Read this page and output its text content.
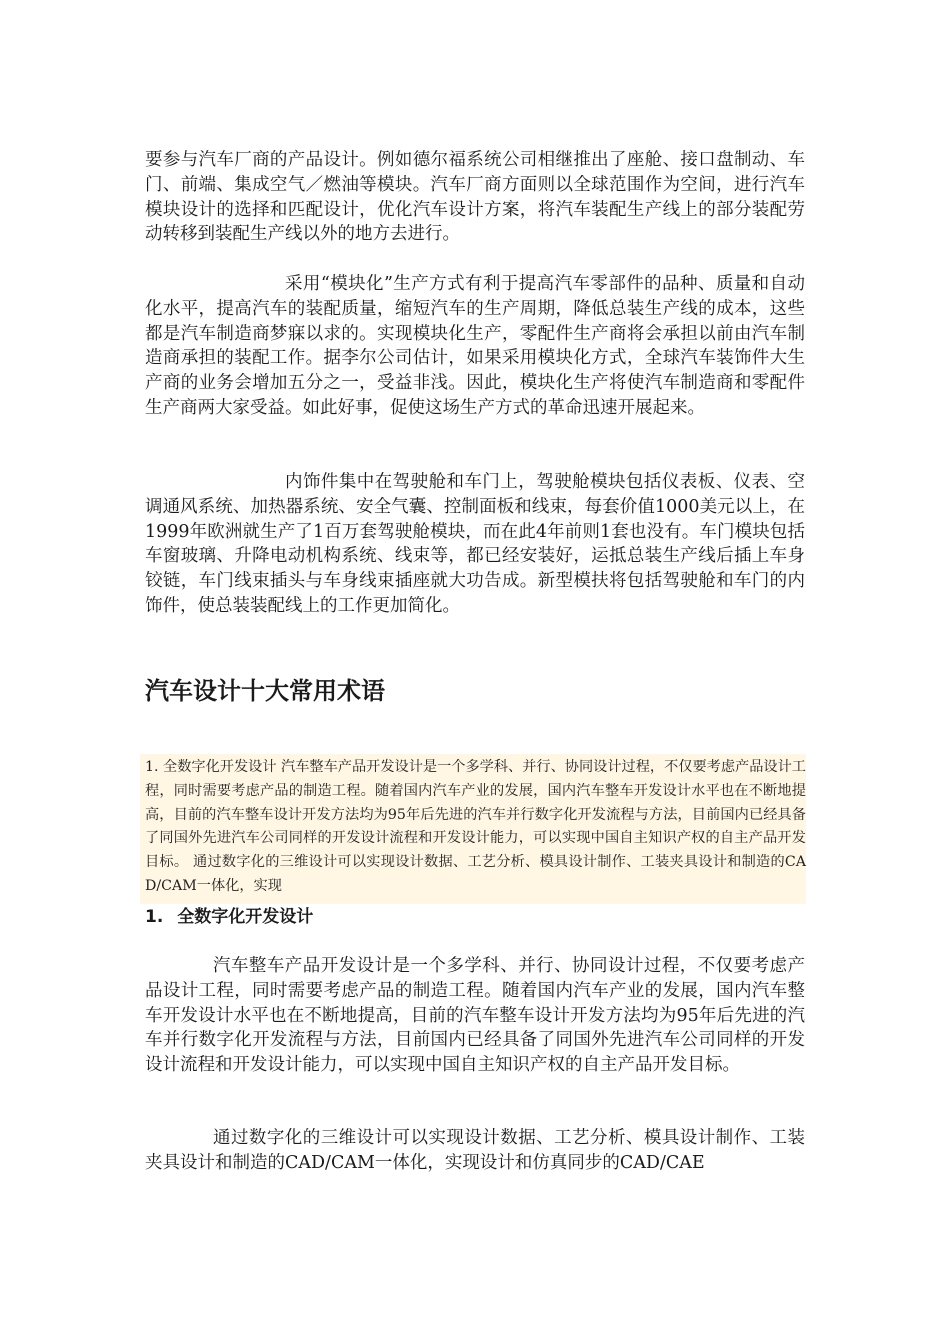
要参与汽车厂商的产品设计。例如德尔福系统公司相继推出了座舱、接口盘制动、车门、前端、集成空气／燃油等模块。汽车厂商方面则以全球范围作为空间，进行汽车模块设计的选择和匹配设计，优化汽车设计方案，将汽车装配生产线上的部分装配劳动转移到装配生产线以外的地方去进行。

采用“模块化”生产方式有利于提高汽车零部件的品种、质量和自动化水平，提高汽车的装配质量，缩短汽车的生产周期，降低总装生产线的成本，这些都是汽车制造商梦寐以求的。实现模块化生产，零配件生产商将会承担以前由汽车制造商承担的装配工作。据李尔公司估计，如果采用模块化方式，全球汽车装饰件大生产商的业务会增加五分之一，受益非浅。因此，模块化生产将使汽车制造商和零配件生产商两大家受益。如此好事，促使这场生产方式的革命迅速开展起来。

内饰件集中在驾驶舱和车门上，驾驶舱模块包括仪表板、仪表、空调通风系统、加热器系统、安全气囊、控制面板和线束，每套价值1000美元以上，在1999年欧洲就生产了1百万套驾驶舱模块，而在此4年前则1套也没有。车门模块包括车窗玻璃、升降电动机构系统、线束等，都已经安装好，运抵总装生产线后插上车身铰链，车门线束插头与车身线束插座就大功告成。新型模扶将包括驾驶舱和车门的内饰件，使总装装配线上的工作更加简化。

汽车设计十大常用术语
1. 全数字化开发设计 汽车整车产品开发设计是一个多学科、并行、协同设计过程，不仅要考虑产品设计工程，同时需要考虑产品的制造工程。随着国内汽车产业的发展，国内汽车整车开发设计水平也在不断地提高，目前的汽车整车设计开发方法均为95年后先进的汽车并行数字化开发流程与方法，目前国内已经具备了同国外先进汽车公司同样的开发设计流程和开发设计能力，可以实现中国自主知识产权的自主产品开发目标。 通过数字化的三维设计可以实现设计数据、工艺分析、模具设计制作、工装夹具设计和制造的CAD/CAM一体化，实现
1. 全数字化开发设计

汽车整车产品开发设计是一个多学科、并行、协同设计过程，不仅要考虑产品设计工程，同时需要考虑产品的制造工程。随着国内汽车产业的发展，国内汽车整车开发设计水平也在不断地提高，目前的汽车整车设计开发方法均为95年后先进的汽车并行数字化开发流程与方法，目前国内已经具备了同国外先进汽车公司同样的开发设计流程和开发设计能力，可以实现中国自主知识产权的自主产品开发目标。

通过数字化的三维设计可以实现设计数据、工艺分析、模具设计制作、工装夹具设计和制造的CAD/CAM一体化，实现设计和仿真同步的CAD/CAE
